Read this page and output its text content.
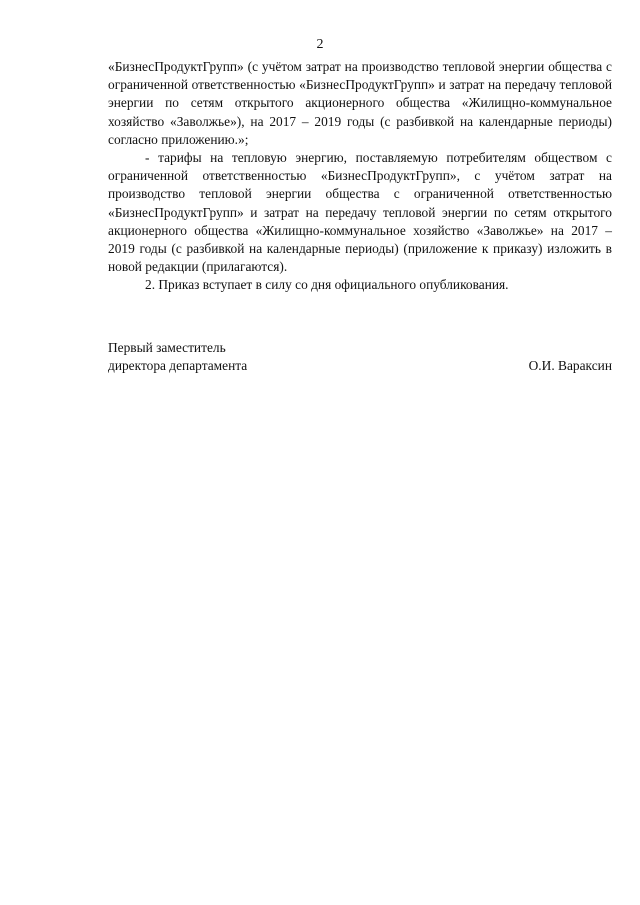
2

«БизнесПродуктГрупп» (с учётом затрат на производство тепловой энергии общества с ограниченной ответственностью «БизнесПродуктГрупп» и затрат на передачу тепловой энергии по сетям открытого акционерного общества «Жилищно-коммунальное хозяйство «Заволжье»), на 2017 – 2019 годы (с разбивкой на календарные периоды) согласно приложению.»;

- тарифы на тепловую энергию, поставляемую потребителям обществом с ограниченной ответственностью «БизнесПродуктГрупп», с учётом затрат на производство тепловой энергии общества с ограниченной ответственностью «БизнесПродуктГрупп» и затрат на передачу тепловой энергии по сетям открытого акционерного общества «Жилищно-коммунальное хозяйство «Заволжье» на 2017 – 2019 годы (с разбивкой на календарные периоды) (приложение к приказу) изложить в новой редакции (прилагаются).

2. Приказ вступает в силу со дня официального опубликования.

Первый заместитель
директора департамента	О.И. Вараксин
